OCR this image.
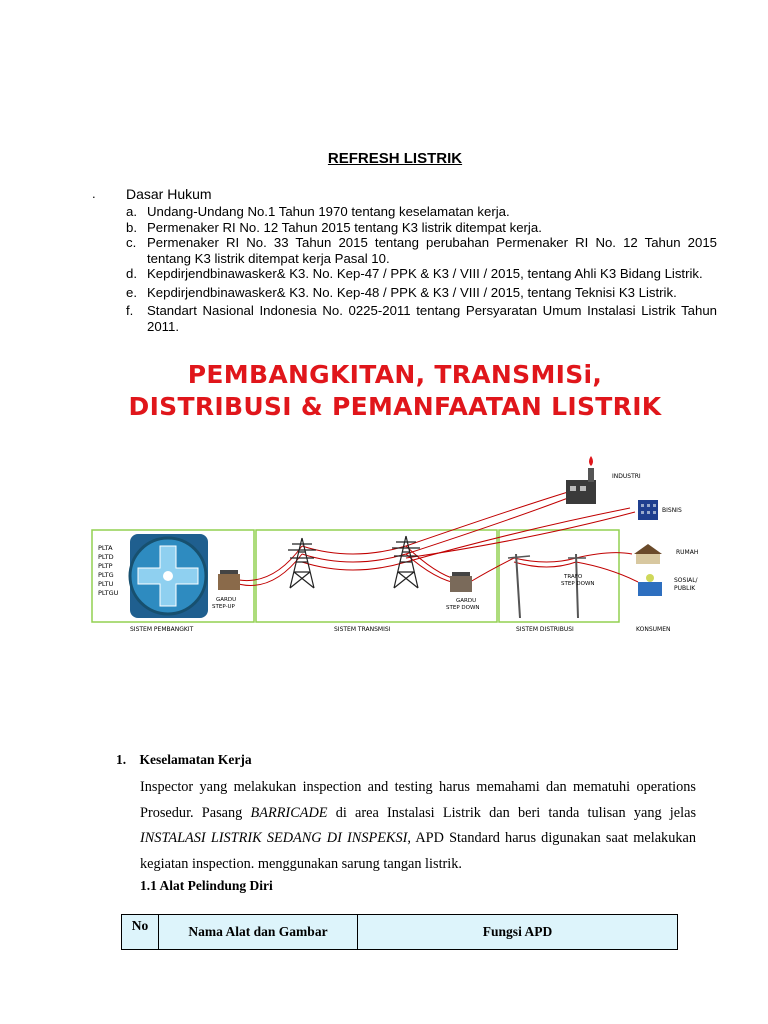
REFRESH LISTRIK
. Dasar Hukum
a. Undang-Undang No.1 Tahun 1970 tentang keselamatan kerja.
b. Permenaker RI No. 12 Tahun 2015 tentang K3 listrik ditempat kerja.
c. Permenaker RI No. 33 Tahun 2015 tentang perubahan Permenaker RI No. 12 Tahun 2015 tentang K3 listrik ditempat kerja Pasal 10.
d. Kepdirjendbinawasker& K3. No. Kep-47 / PPK & K3 / VIII / 2015, tentang Ahli K3 Bidang Listrik.
e. Kepdirjendbinawasker& K3. No. Kep-48 / PPK & K3 / VIII / 2015, tentang Teknisi K3 Listrik.
f.	Standart Nasional Indonesia No. 0225-2011 tentang Persyaratan Umum Instalasi Listrik Tahun 2011.
PEMBANGKITAN, TRANSMISi,
DISTRIBUSI & PEMANFAATAN LISTRIK
PLTA
PLTD
PLTP
PLTG
PLTU
PLTGU
GARDU
STEP-UP
GARDU
STEP DOWN
TRAFO
STEP DOWN
INDUSTRI
BISNIS
RUMAH
SOSIAL/
PUBLIK
SISTEM PEMBANGKIT	SISTEM TRANSMISI	SISTEM DISTRIBUSI	KONSUMEN
1. Keselamatan Kerja
Inspector yang melakukan inspection and testing harus memahami dan mematuhi operations Prosedur. Pasang BARRICADE di area Instalasi Listrik dan beri tanda tulisan yang jelas INSTALASI LISTRIK SEDANG DI INSPEKSI, APD Standard harus digunakan saat melakukan kegiatan inspection. menggunakan sarung tangan listrik.
1.1 Alat Pelindung Diri
No	Nama Alat dan Gambar	Fungsi APD
